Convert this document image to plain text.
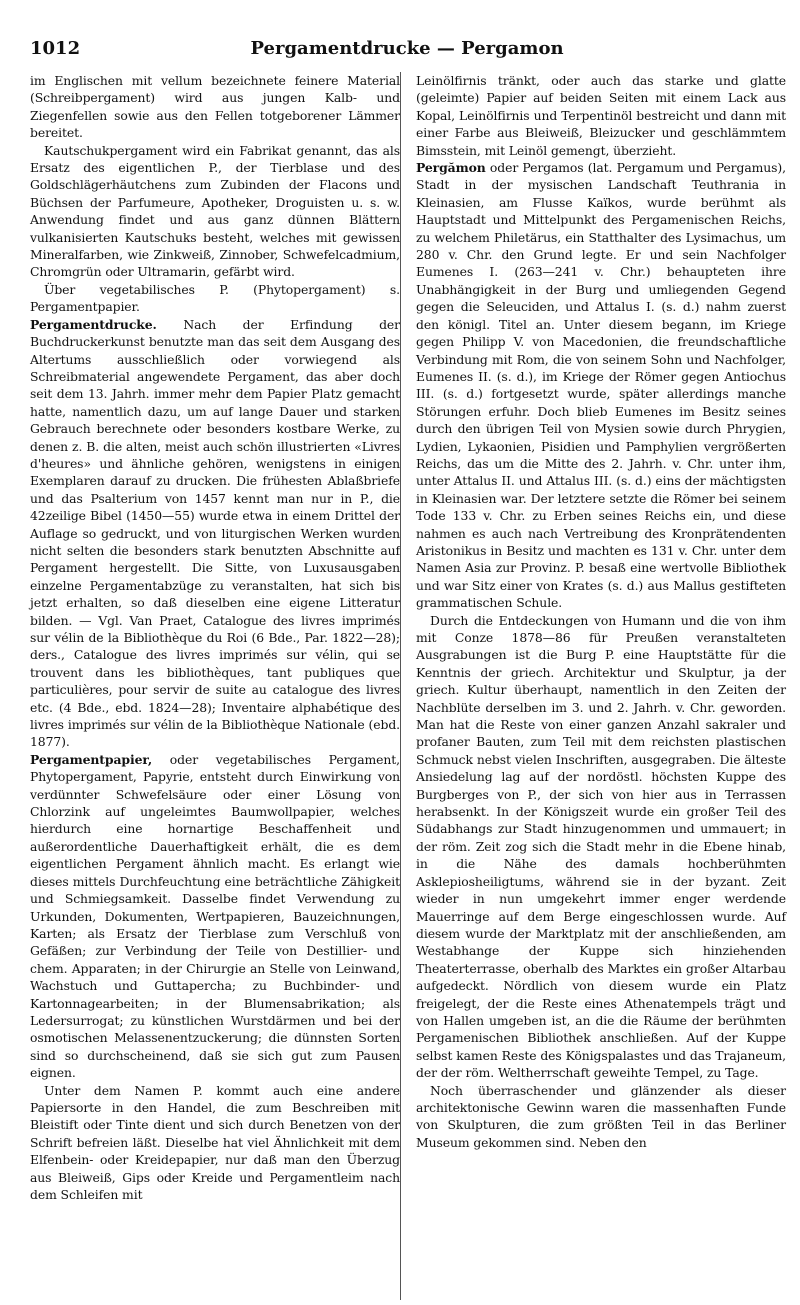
1012	Pergamentdrucke — Pergamon

im Englischen mit vellum bezeichnete feinere Material (Schreibpergament) wird aus jungen Kalb- und Ziegenfellen sowie aus den Fellen totgeborener Lämmer bereitet.

Kautschukpergament wird ein Fabrikat genannt, das als Ersatz des eigentlichen P., der Tierblase und des Goldschlägerhäutchens zum Zubinden der Flacons und Büchsen der Parfumeure, Apotheker, Droguisten u. s. w. Anwendung findet und aus ganz dünnen Blättern vulkanisierten Kautschuks besteht, welches mit gewissen Mineralfarben, wie Zinkweiß, Zinnober, Schwefelcadmium, Chromgrün oder Ultramarin, gefärbt wird.

Über vegetabilisches P. (Phytopergament) s. Pergamentpapier.

Pergamentdrucke. Nach der Erfindung der Buchdruckerkunst benutzte man das seit dem Ausgang des Altertums ausschließlich oder vorwiegend als Schreibmaterial angewendete Pergament, das aber doch seit dem 13. Jahrh. immer mehr dem Papier Platz gemacht hatte, namentlich dazu, um auf lange Dauer und starken Gebrauch berechnete oder besonders kostbare Werke, zu denen z. B. die alten, meist auch schön illustrierten «Livres d'heures» und ähnliche gehören, wenigstens in einigen Exemplaren darauf zu drucken. Die frühesten Ablaßbriefe und das Psalterium von 1457 kennt man nur in P., die 42zeilige Bibel (1450—55) wurde etwa in einem Drittel der Auflage so gedruckt, und von liturgischen Werken wurden nicht selten die besonders stark benutzten Abschnitte auf Pergament hergestellt. Die Sitte, von Luxusausgaben einzelne Pergamentabzüge zu veranstalten, hat sich bis jetzt erhalten, so daß dieselben eine eigene Litteratur bilden. — Vgl. Van Praet, Catalogue des livres imprimés sur vélin de la Bibliothèque du Roi (6 Bde., Par. 1822—28); ders., Catalogue des livres imprimés sur vélin, qui se trouvent dans les bibliothèques, tant publiques que particulières, pour servir de suite au catalogue des livres etc. (4 Bde., ebd. 1824—28); Inventaire alphabétique des livres imprimés sur vélin de la Bibliothèque Nationale (ebd. 1877).

Pergamentpapier, oder vegetabilisches Pergament, Phytopergament, Papyrie, entsteht durch Einwirkung von verdünnter Schwefelsäure oder einer Lösung von Chlorzink auf ungeleimtes Baumwollpapier, welches hierdurch eine hornartige Beschaffenheit und außerordentliche Dauerhaftigkeit erhält, die es dem eigentlichen Pergament ähnlich macht. Es erlangt wie dieses mittels Durchfeuchtung eine beträchtliche Zähigkeit und Schmiegsamkeit. Dasselbe findet Verwendung zu Urkunden, Dokumenten, Wertpapieren, Bauzeichnungen, Karten; als Ersatz der Tierblase zum Verschluß von Gefäßen; zur Verbindung der Teile von Destillier- und chem. Apparaten; in der Chirurgie an Stelle von Leinwand, Wachstuch und Guttapercha; zu Buchbinder- und Kartonnagearbeiten; in der Blumensabrikation; als Ledersurrogat; zu künstlichen Wurstdärmen und bei der osmotischen Melassenentzuckerung; die dünnsten Sorten sind so durchscheinend, daß sie sich gut zum Pausen eignen.

Unter dem Namen P. kommt auch eine andere Papiersorte in den Handel, die zum Beschreiben mit Bleistift oder Tinte dient und sich durch Benetzen von der Schrift befreien läßt. Dieselbe hat viel Ähnlichkeit mit dem Elfenbein- oder Kreidepapier, nur daß man den Überzug aus Bleiweiß, Gips oder Kreide und Pergamentleim nach dem Schleifen mit

Leinölfirnis tränkt, oder auch das starke und glatte (geleimte) Papier auf beiden Seiten mit einem Lack aus Kopal, Leinölfirnis und Terpentinöl bestreicht und dann mit einer Farbe aus Bleiweiß, Bleizucker und geschlämmtem Bimsstein, mit Leinöl gemengt, überzieht.

Pergămon oder Pergamos (lat. Pergamum und Pergamus), Stadt in der mysischen Landschaft Teuthrania in Kleinasien, am Flusse Kaïkos, wurde berühmt als Hauptstadt und Mittelpunkt des Pergamenischen Reichs, zu welchem Philetärus, ein Statthalter des Lysimachus, um 280 v. Chr. den Grund legte. Er und sein Nachfolger Eumenes I. (263—241 v. Chr.) behaupteten ihre Unabhängigkeit in der Burg und umliegenden Gegend gegen die Seleuciden, und Attalus I. (s. d.) nahm zuerst den königl. Titel an. Unter diesem begann, im Kriege gegen Philipp V. von Macedonien, die freundschaftliche Verbindung mit Rom, die von seinem Sohn und Nachfolger, Eumenes II. (s. d.), im Kriege der Römer gegen Antiochus III. (s. d.) fortgesetzt wurde, später allerdings manche Störungen erfuhr. Doch blieb Eumenes im Besitz seines durch den übrigen Teil von Mysien sowie durch Phrygien, Lydien, Lykaonien, Pisidien und Pamphylien vergrößerten Reichs, das um die Mitte des 2. Jahrh. v. Chr. unter ihm, unter Attalus II. und Attalus III. (s. d.) eins der mächtigsten in Kleinasien war. Der letztere setzte die Römer bei seinem Tode 133 v. Chr. zu Erben seines Reichs ein, und diese nahmen es auch nach Vertreibung des Kronprätendenten Aristonikus in Besitz und machten es 131 v. Chr. unter dem Namen Asia zur Provinz. P. besaß eine wertvolle Bibliothek und war Sitz einer von Krates (s. d.) aus Mallus gestifteten grammatischen Schule.

Durch die Entdeckungen von Humann und die von ihm mit Conze 1878—86 für Preußen veranstalteten Ausgrabungen ist die Burg P. eine Hauptstätte für die Kenntnis der griech. Architektur und Skulptur, ja der griech. Kultur überhaupt, namentlich in den Zeiten der Nachblüte derselben im 3. und 2. Jahrh. v. Chr. geworden. Man hat die Reste von einer ganzen Anzahl sakraler und profaner Bauten, zum Teil mit dem reichsten plastischen Schmuck nebst vielen Inschriften, ausgegraben. Die älteste Ansiedelung lag auf der nordöstl. höchsten Kuppe des Burgberges von P., der sich von hier aus in Terrassen herabsenkt. In der Königszeit wurde ein großer Teil des Südabhangs zur Stadt hinzugenommen und ummauert; in der röm. Zeit zog sich die Stadt mehr in die Ebene hinab, in die Nähe des damals hochberühmten Asklepiosheiligtums, während sie in der byzant. Zeit wieder in nun umgekehrt immer enger werdende Mauerringe auf dem Berge eingeschlossen wurde. Auf diesem wurde der Marktplatz mit der anschließenden, am Westabhange der Kuppe sich hinziehenden Theaterterrasse, oberhalb des Marktes ein großer Altarbau aufgedeckt. Nördlich von diesem wurde ein Platz freigelegt, der die Reste eines Athenatempels trägt und von Hallen umgeben ist, an die die Räume der berühmten Pergamenischen Bibliothek anschließen. Auf der Kuppe selbst kamen Reste des Königspalastes und das Trajaneum, der der röm. Weltherrschaft geweihte Tempel, zu Tage.

Noch überraschender und glänzender als dieser architektonische Gewinn waren die massenhaften Funde von Skulpturen, die zum größten Teil in das Berliner Museum gekommen sind. Neben den
